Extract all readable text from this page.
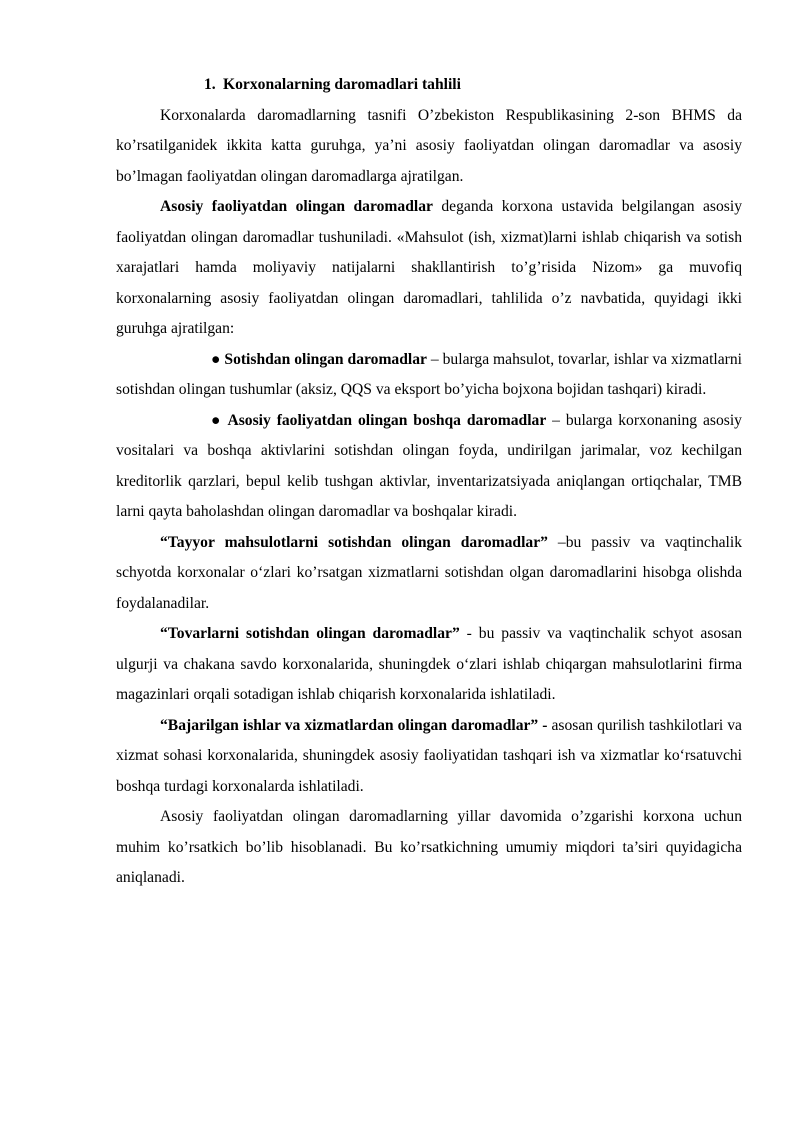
1. Korxonalarning daromadlari tahlili

Korxonalarda daromadlarning tasnifi O’zbekiston Respublikasining 2-son BHMS da ko’rsatilganidek ikkita katta guruhga, ya’ni asosiy faoliyatdan olingan daromadlar va asosiy bo’lmagan faoliyatdan olingan daromadlarga ajratilgan.

Asosiy faoliyatdan olingan daromadlar deganda korxona ustavida belgilangan asosiy faoliyatdan olingan daromadlar tushuniladi. «Mahsulot (ish, xizmat)larni ishlab chiqarish va sotish xarajatlari hamda moliyaviy natijalarni shakllantirish to’g’risida Nizom» ga muvofiq korxonalarning asosiy faoliyatdan olingan daromadlari, tahlilida o’z navbatida, quyidagi ikki guruhga ajratilgan:

● Sotishdan olingan daromadlar – bularga mahsulot, tovarlar, ishlar va xizmatlarni sotishdan olingan tushumlar (aksiz, QQS va eksport bo’yicha bojxona bojidan tashqari) kiradi.

● Asosiy faoliyatdan olingan boshqa daromadlar – bularga korxonaning asosiy vositalari va boshqa aktivlarini sotishdan olingan foyda, undirilgan jarimalar, voz kechilgan kreditorlik qarzlari, bepul kelib tushgan aktivlar, inventarizatsiyada aniqlangan ortiqchalar, TMB larni qayta baholashdan olingan daromadlar va boshqalar kiradi.

“Tayyor mahsulotlarni sotishdan olingan daromadlar” –bu passiv va vaqtinchalik schyotda korxonalar o‘zlari ko’rsatgan xizmatlarni sotishdan olgan daromadlarini hisobga olishda foydalanadilar.

“Tovarlarni sotishdan olingan daromadlar” - bu passiv va vaqtinchalik schyot asosan ulgurji va chakana savdo korxonalarida, shuningdek o‘zlari ishlab chiqargan mahsulotlarini firma magazinlari orqali sotadigan ishlab chiqarish korxonalarida ishlatiladi.

“Bajarilgan ishlar va xizmatlardan olingan daromadlar” - asosan qurilish tashkilotlari va xizmat sohasi korxonalarida, shuningdek asosiy faoliyatidan tashqari ish va xizmatlar ko‘rsatuvchi boshqa turdagi korxonalarda ishlatiladi.

Asosiy faoliyatdan olingan daromadlarning yillar davomida o’zgarishi korxona uchun muhim ko’rsatkich bo’lib hisoblanadi. Bu ko’rsatkichning umumiy miqdori ta’siri quyidagicha aniqlanadi.
